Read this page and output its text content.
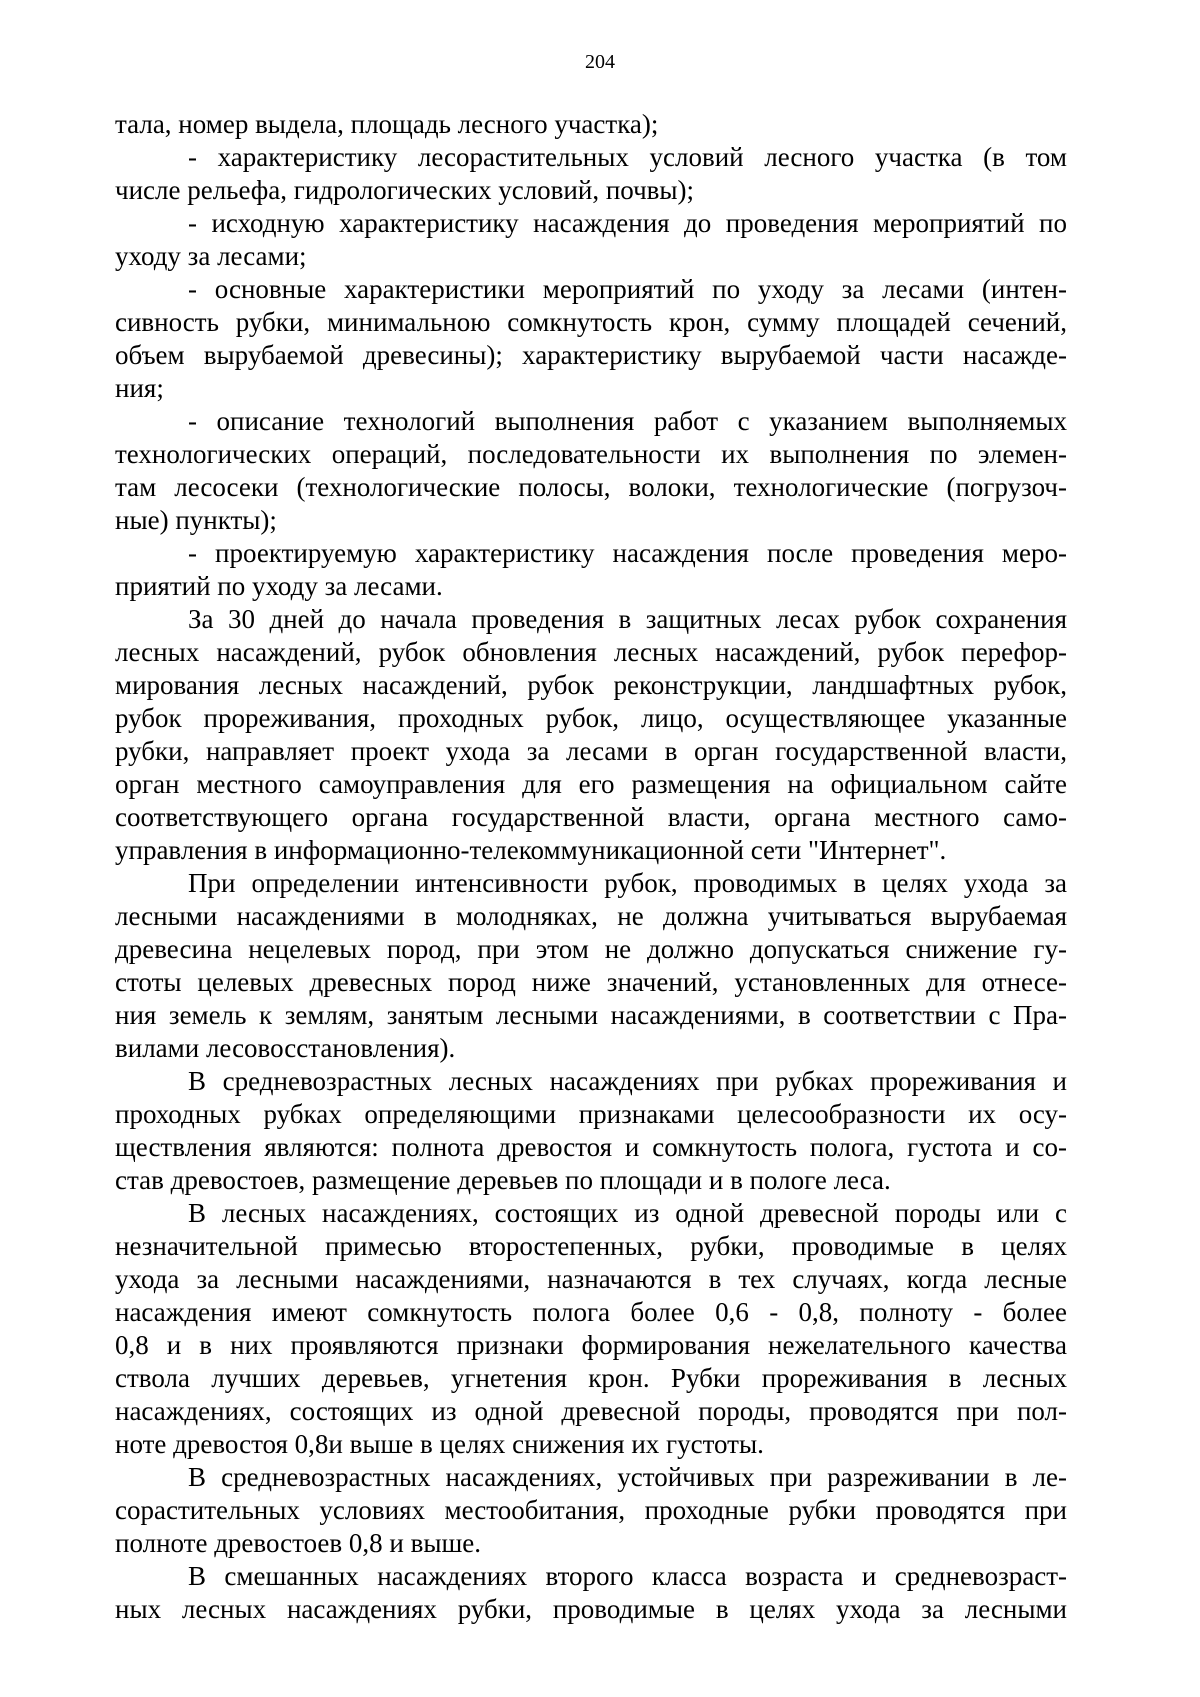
204
тала, номер выдела, площадь лесного участка);
- характеристику лесорастительных условий лесного участка (в том
числе рельефа, гидрологических условий, почвы);
- исходную характеристику насаждения до проведения мероприятий по
уходу за лесами;
- основные характеристики мероприятий по уходу за лесами (интен-
сивность рубки, минимальною сомкнутость крон, сумму площадей сечений,
объем вырубаемой древесины); характеристику вырубаемой части насажде-
ния;
- описание технологий выполнения работ с указанием выполняемых
технологических операций, последовательности их выполнения по элемен-
там лесосеки (технологические полосы, волоки, технологические (погрузоч-
ные) пункты);
- проектируемую характеристику насаждения после проведения меро-
приятий по уходу за лесами.
За 30 дней до начала проведения в защитных лесах рубок сохранения
лесных насаждений, рубок обновления лесных насаждений, рубок перефор-
мирования лесных насаждений, рубок реконструкции, ландшафтных рубок,
рубок прореживания, проходных рубок, лицо, осуществляющее указанные
рубки, направляет проект ухода за лесами в орган государственной власти,
орган местного самоуправления для его размещения на официальном сайте
соответствующего органа государственной власти, органа местного само-
управления в информационно-телекоммуникационной сети "Интернет".
При определении интенсивности рубок, проводимых в целях ухода за
лесными насаждениями в молодняках, не должна учитываться вырубаемая
древесина нецелевых пород, при этом не должно допускаться снижение гу-
стоты целевых древесных пород ниже значений, установленных для отнесе-
ния земель к землям, занятым лесными насаждениями, в соответствии с Пра-
вилами лесовосстановления).
В средневозрастных лесных насаждениях при рубках прореживания и
проходных рубках определяющими признаками целесообразности их осу-
ществления являются: полнота древостоя и сомкнутость полога, густота и со-
став древостоев, размещение деревьев по площади и в пологе леса.
В лесных насаждениях, состоящих из одной древесной породы или с
незначительной примесью второстепенных, рубки, проводимые в целях
ухода за лесными насаждениями, назначаются в тех случаях, когда лесные
насаждения имеют сомкнутость полога более 0,6 - 0,8, полноту - более
0,8 и в них проявляются признаки формирования нежелательного качества
ствола лучших деревьев, угнетения крон. Рубки прореживания в лесных
насаждениях, состоящих из одной древесной породы, проводятся при пол-
ноте древостоя 0,8и выше в целях снижения их густоты.
В средневозрастных насаждениях, устойчивых при разреживании в ле-
сорастительных условиях местообитания, проходные рубки проводятся при
полноте древостоев 0,8 и выше.
В смешанных насаждениях второго класса возраста и средневозраст-
ных лесных насаждениях рубки, проводимые в целях ухода за лесными
